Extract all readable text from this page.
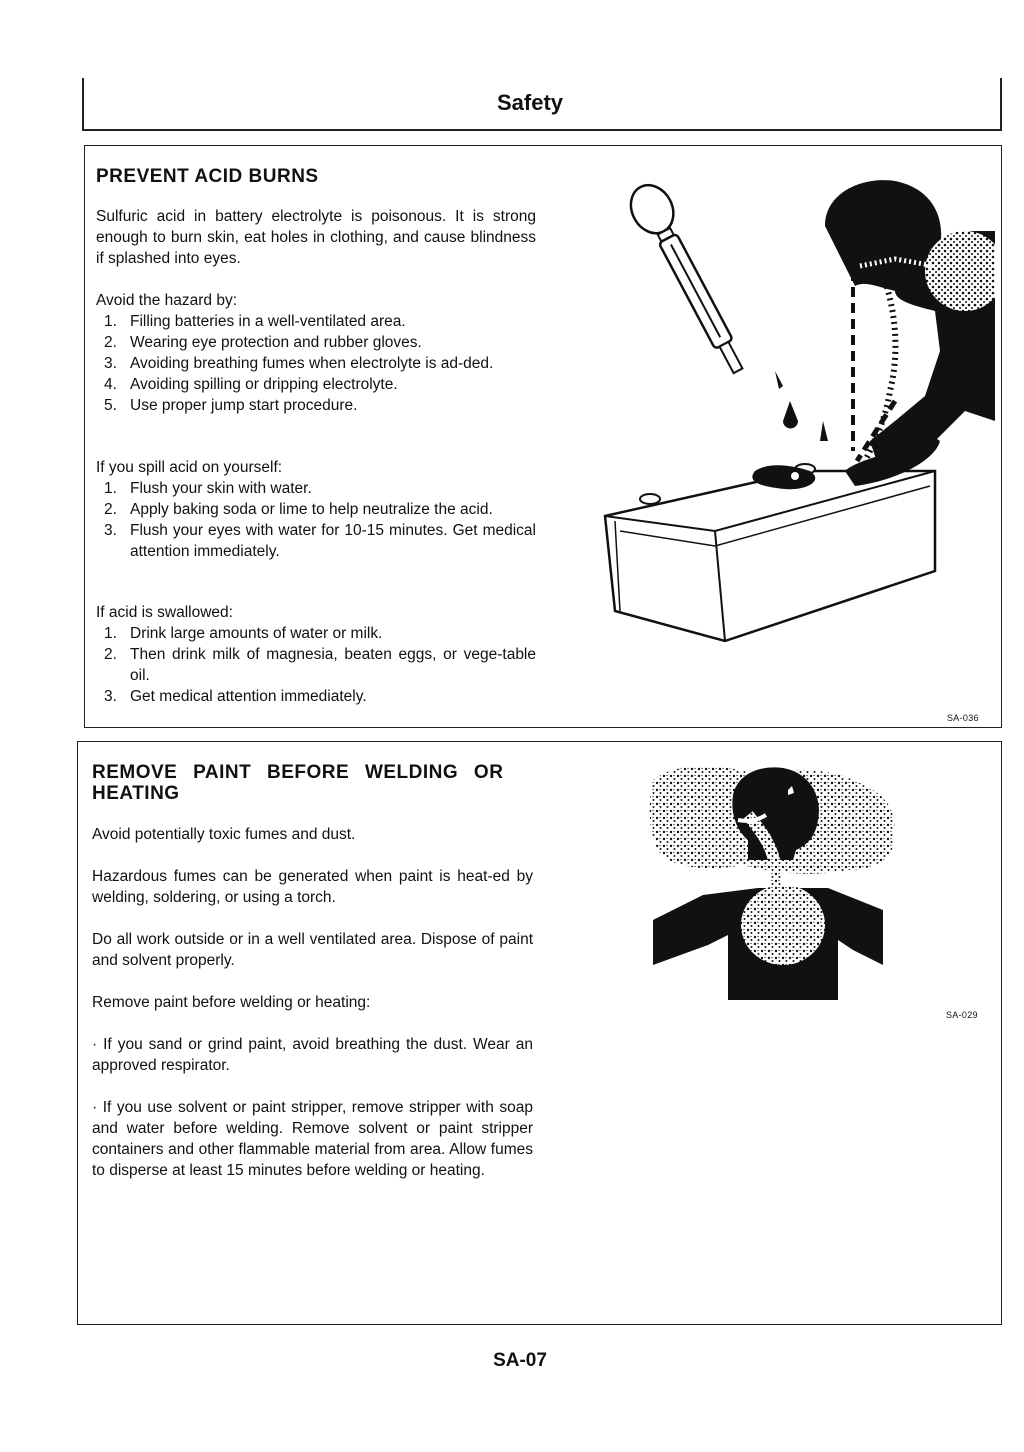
Safety
PREVENT ACID BURNS

Sulfuric acid in battery electrolyte is poisonous. It is strong enough to burn skin, eat holes in clothing, and cause blindness if splashed into eyes.

Avoid the hazard by:
1. Filling batteries in a well-ventilated area.
2. Wearing eye protection and rubber gloves.
3. Avoiding breathing fumes when electrolyte is ad-ded.
4. Avoiding spilling or dripping electrolyte.
5. Use proper jump start procedure.
If you spill acid on yourself:
1. Flush your skin with water.
2. Apply baking soda or lime to help neutralize the acid.
3. Flush your eyes with water for 10-15 minutes. Get medical attention immediately.
If acid is swallowed:
1. Drink large amounts of water or milk.
2. Then drink milk of magnesia, beaten eggs, or vege-table oil.
3. Get medical attention immediately.
SA-036
REMOVE PAINT BEFORE WELDING OR HEATING
Avoid potentially toxic fumes and dust.
Hazardous fumes can be generated when paint is heat-ed by welding, soldering, or using a torch.
Do all work outside or in a well ventilated area. Dispose of paint and solvent properly.
Remove paint before welding or heating:
· If you sand or grind paint, avoid breathing the dust. Wear an approved respirator.
· If you use solvent or paint stripper, remove stripper with soap and water before welding. Remove solvent or paint stripper containers and other flammable material from area. Allow fumes to disperse at least 15 minutes before welding or heating.
SA-029
SA-07
